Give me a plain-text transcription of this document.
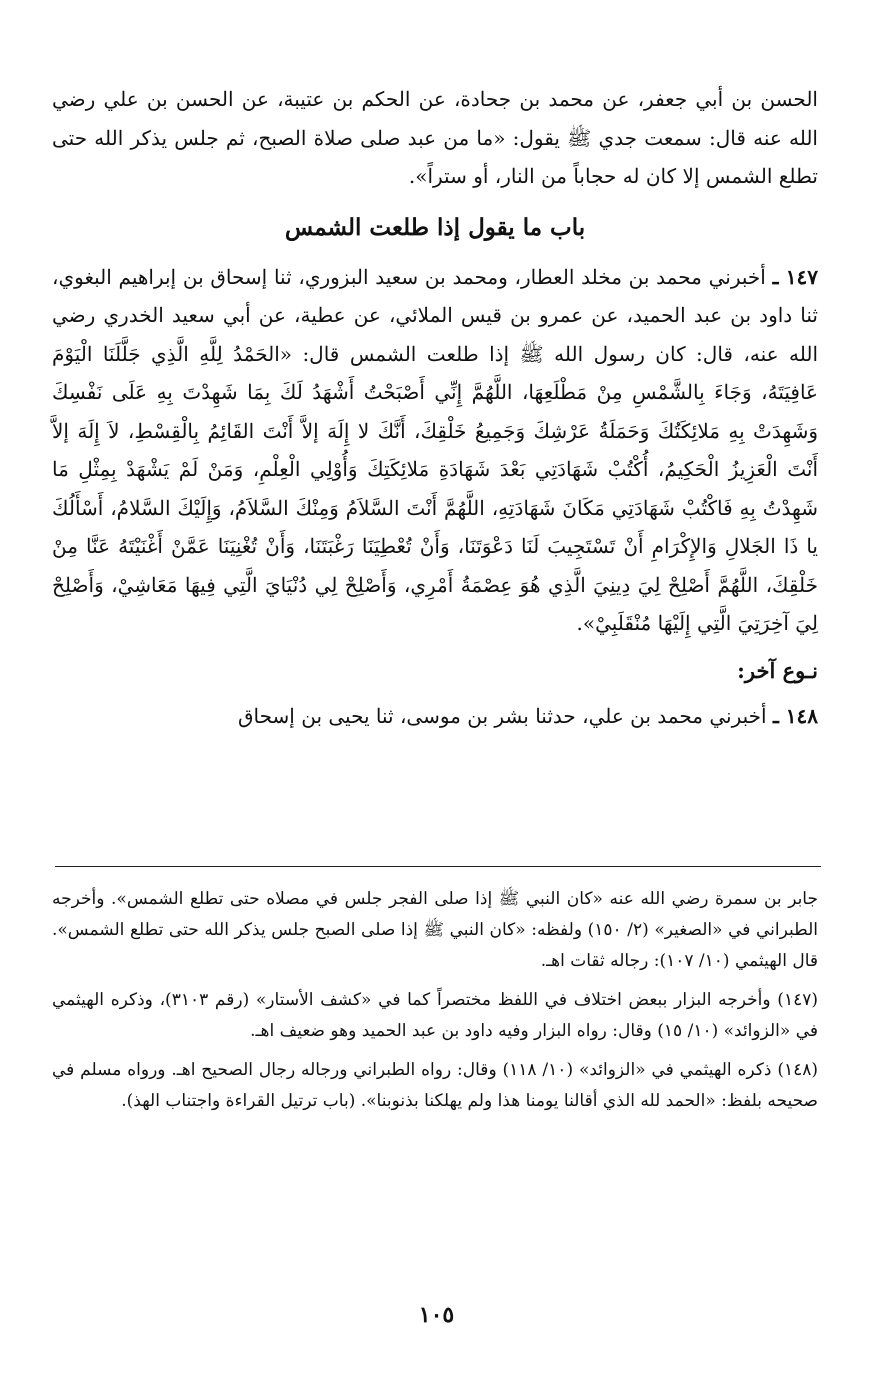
الحسن بن أبي جعفر، عن محمد بن جحادة، عن الحكم بن عتيبة، عن الحسن بن علي رضي الله عنه قال: سمعت جدي ﷺ يقول: «ما من عبد صلى صلاة الصبح، ثم جلس يذكر الله حتى تطلع الشمس إلا كان له حجاباً من النار، أو ستراً».

باب ما يقول إذا طلعت الشمس

١٤٧ ـ أخبرني محمد بن مخلد العطار، ومحمد بن سعيد البزوري، ثنا إسحاق بن إبراهيم البغوي، ثنا داود بن عبد الحميد، عن عمرو بن قيس الملائي، عن عطية، عن أبي سعيد الخدري رضي الله عنه، قال: كان رسول الله ﷺ إذا طلعت الشمس قال: «الحَمْدُ لِلَّهِ الَّذِي جَلَّلَنَا الْيَوْمَ عَافِيَتَهُ، وَجَاءَ بِالشَّمْسِ مِنْ مَطْلَعِهَا، اللَّهُمَّ إِنِّي أَصْبَحْتُ أَشْهَدُ لَكَ بِمَا شَهِدْتَ بِهِ عَلَى نَفْسِكَ وَشَهِدَتْ بِهِ مَلائِكَتُكَ وَحَمَلَةُ عَرْشِكَ وَجَمِيعُ خَلْقِكَ، أَنَّكَ لا إِلَهَ إلاَّ أَنْتَ القَائِمُ بِالْقِسْطِ، لاَ إِلَهَ إلاَّ أَنْتَ الْعَزِيزُ الْحَكِيمُ، أُكْتُبْ شَهَادَتِي بَعْدَ شَهَادَةِ مَلائِكَتِكَ وَأُوْلِي الْعِلْمِ، وَمَنْ لَمْ يَشْهَدْ بِمِثْلِ مَا شَهِدْتُ بِهِ فَاكْتُبْ شَهَادَتِي مَكَانَ شَهَادَتِهِ، اللَّهُمَّ أَنْتَ السَّلاَمُ وَمِنْكَ السَّلاَمُ، وَإِلَيْكَ السَّلامُ، أَسْأَلُكَ يا ذَا الجَلالِ وَالإِكْرَامِ أَنْ تَسْتَجِيبَ لَنَا دَعْوَتَنَا، وَأَنْ تُعْطِيَنَا رَغْبَتَنَا، وَأَنْ تُغْنِيَنَا عَمَّنْ أَغْنَيْتَهُ عَنَّا مِنْ خَلْقِكَ، اللَّهُمَّ أَصْلِحْ لِيَ دِينِيَ الَّذِي هُوَ عِصْمَةُ أَمْرِي، وَأَصْلِحْ لِي دُنْيَايَ الَّتِي فِيهَا مَعَاشِيْ، وَأَصْلِحْ لِيَ آخِرَتِيَ الَّتِي إِلَيْهَا مُنْقَلَبِيْ».

نـوع آخر:

١٤٨ ـ أخبرني محمد بن علي، حدثنا بشر بن موسى، ثنا يحيى بن إسحاق

جابر بن سمرة رضي الله عنه «كان النبي ﷺ إذا صلى الفجر جلس في مصلاه حتى تطلع الشمس». وأخرجه الطبراني في «الصغير» (٢/ ١٥٠) ولفظه: «كان النبي ﷺ إذا صلى الصبح جلس يذكر الله حتى تطلع الشمس». قال الهيثمي (١٠/ ١٠٧): رجاله ثقات اهـ.

(١٤٧) وأخرجه البزار ببعض اختلاف في اللفظ مختصراً كما في «كشف الأستار» (رقم ٣١٠٣)، وذكره الهيثمي في «الزوائد» (١٠/ ١٥) وقال: رواه البزار وفيه داود بن عبد الحميد وهو ضعيف اهـ.

(١٤٨) ذكره الهيثمي في «الزوائد» (١٠/ ١١٨) وقال: رواه الطبراني ورجاله رجال الصحيح اهـ. ورواه مسلم في صحيحه بلفظ: «الحمد لله الذي أقالنا يومنا هذا ولم يهلكنا بذنوبنا». (باب ترتيل القراءة واجتناب الهذ).

١٠٥
